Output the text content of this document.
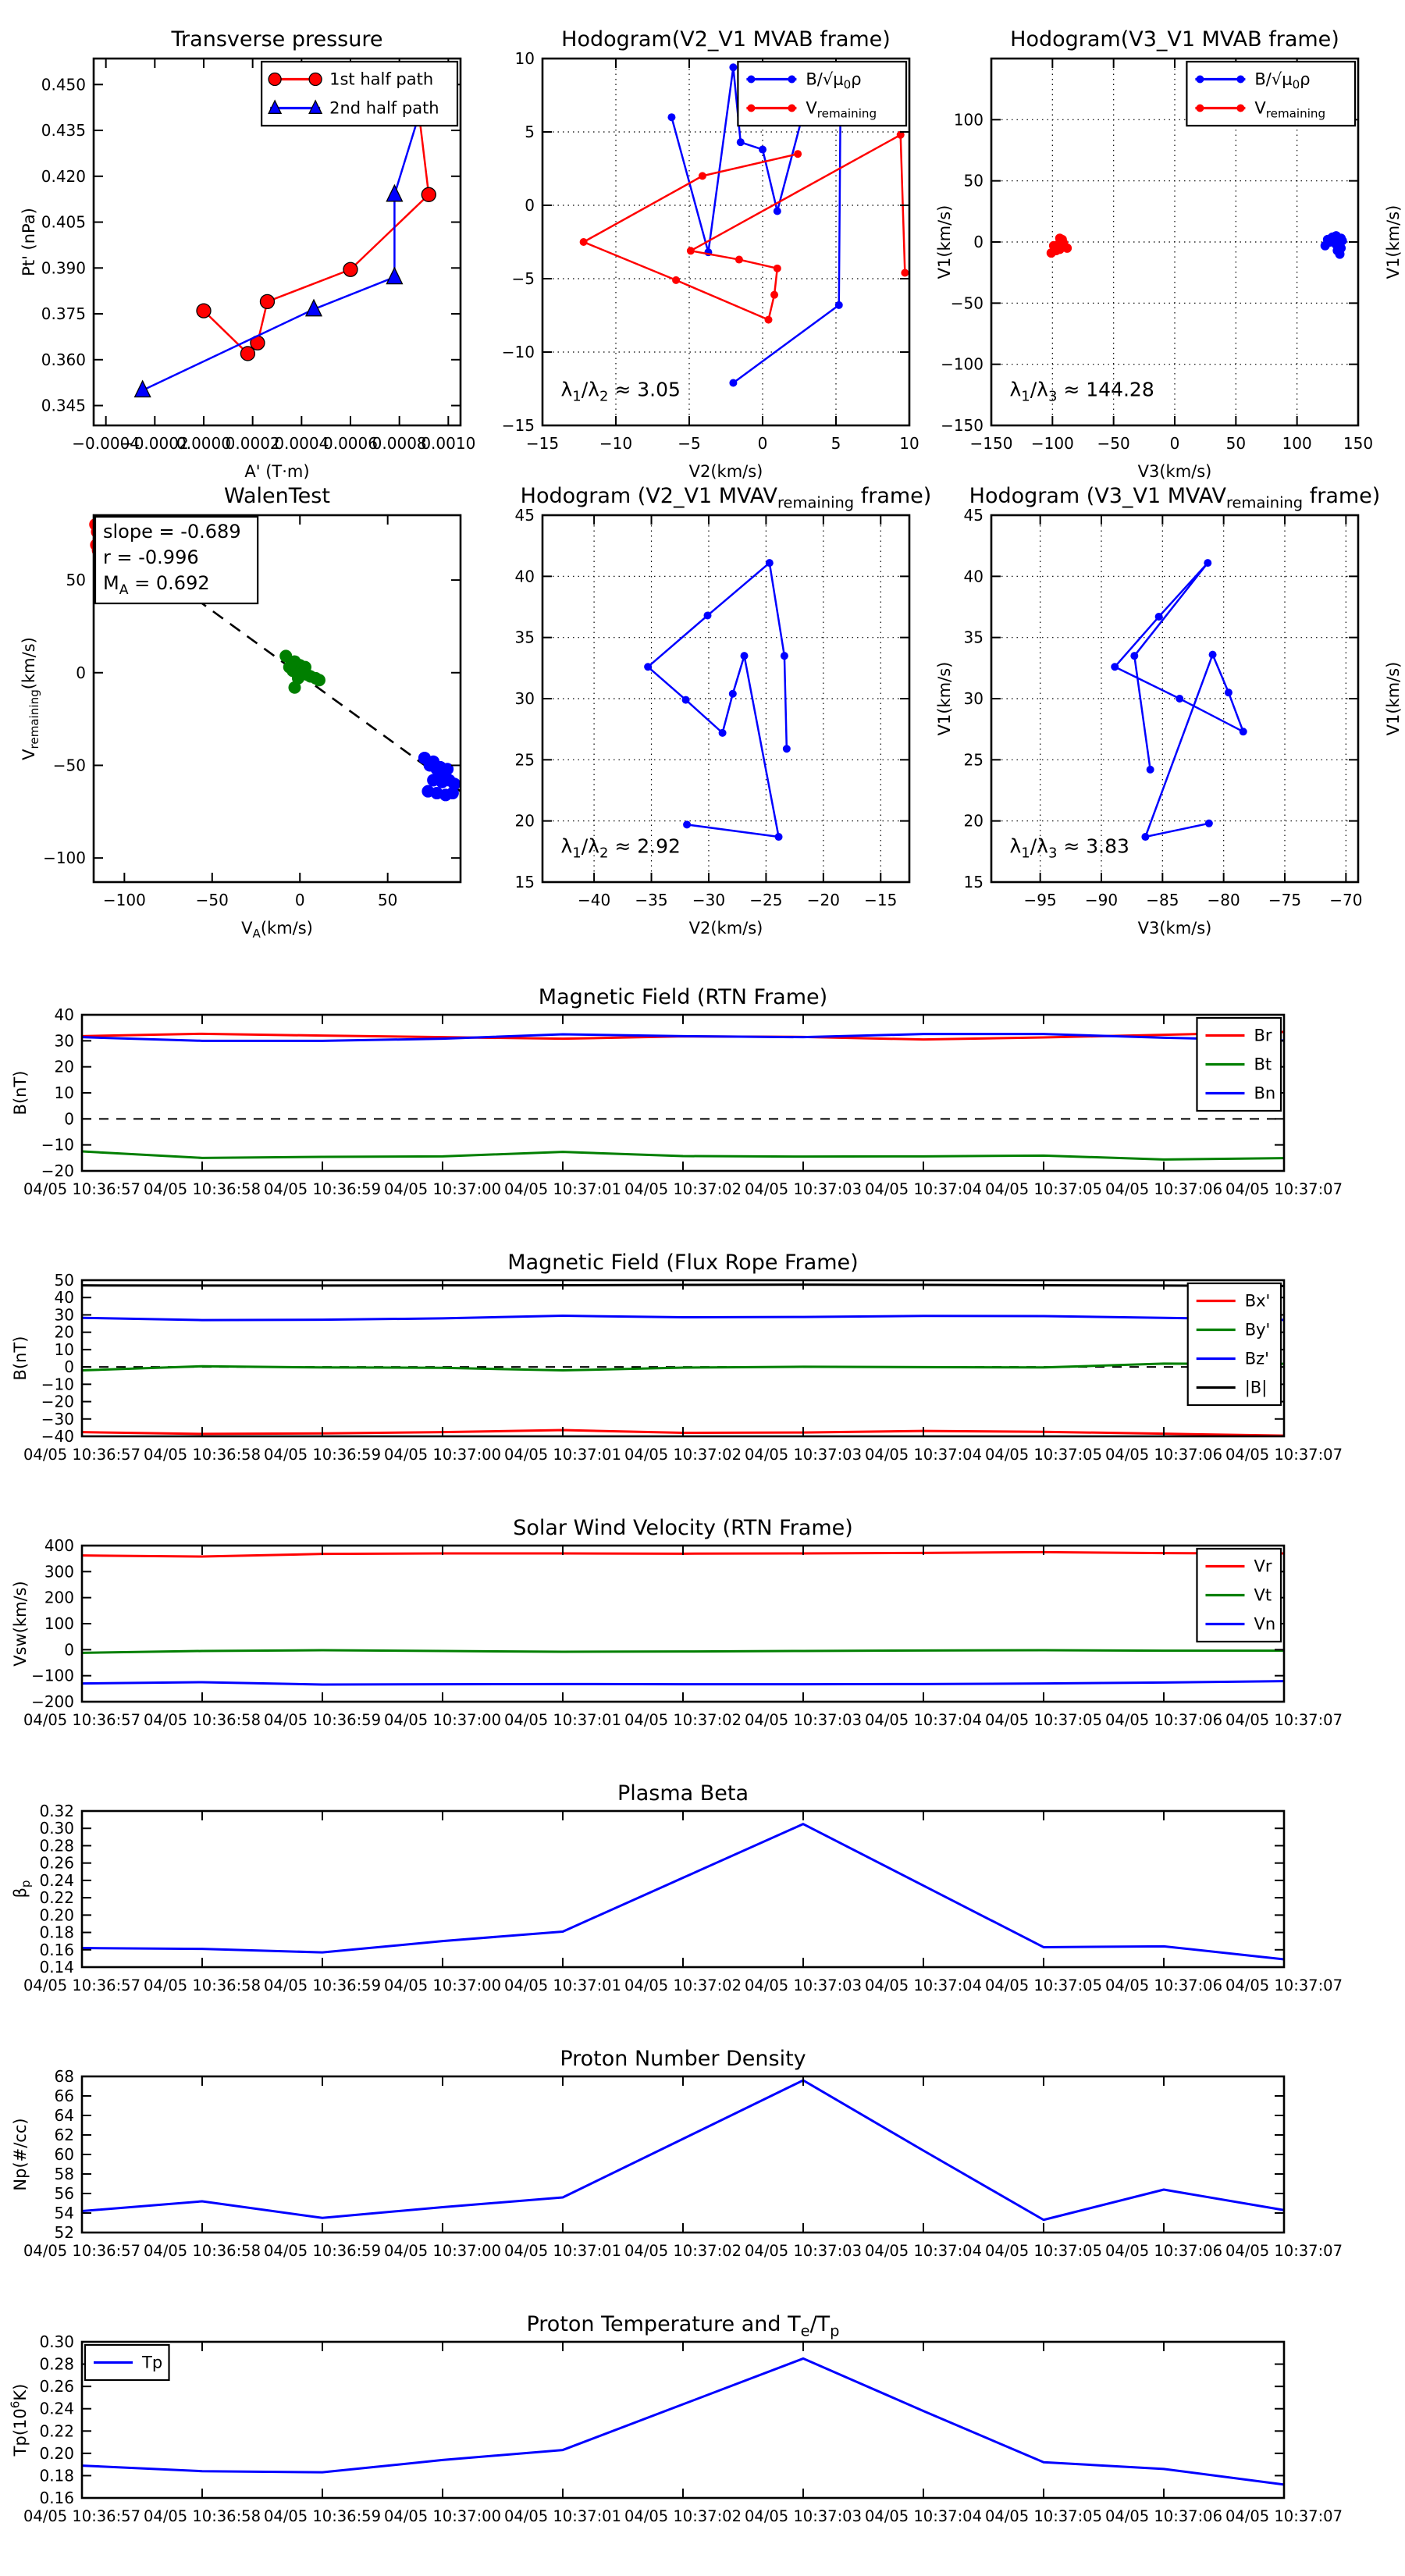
−0.0004
−0.0002
0.0000
0.0002
0.0004
0.0006
0.0008
0.0010
0.345
0.360
0.375
0.390
0.405
0.420
0.435
0.450
Transverse pressure
A' (T·m)
Pt' (nPa)
1st half path
2nd half path
−15	−10	−5	0	5	10
−15
−10
−5
0
5
10
Hodogram(V2_V1 MVAB frame)
V2(km/s)
V1(km/s)
$\lambda_1/\lambda_2 \approx 3.05$
$B/√\mu_0\rho$
$V_{remaining}$
−150 −100 −50	0	50 100 150
−150
−100
−50
0
50
100
Hodogram(V3_V1 MVAB frame)
V3(km/s)
V1(km/s)
$\lambda_1/\lambda_3 \approx 144.28$
$B/√\mu_0\rho$
$V_{remaining}$
−100	−50	0	50
−100
−50
0
50
WalenTest
$V_A(km/s)$
$V_{remaining}(km/s)$
slope = -0.689
r = -0.996
$M_A = 0.692$
−40 −35 −30 −25 −20 −15
15
20
25
30
35
40
45
Hodogram (V2_V1 $MVAV_{remaining}$ frame)
V2(km/s)
V1(km/s)
$\lambda_1/\lambda_2 \approx 2.92$
−95 −90 −85 −80 −75 −70
15
20
25
30
35
40
45
Hodogram (V3_V1 $MVAV_{remaining}$ frame)
V3(km/s)
V1(km/s)
$\lambda_1/\lambda_3 \approx 3.83$
04/05 10:36:57 04/05 10:36:58 04/05 10:36:59 04/05 10:37:00 04/05 10:37:01 04/05 10:37:02 04/05 10:37:03 04/05 10:37:04 04/05 10:37:05 04/05 10:37:06 04/05 10:37:07
−20
−10
0
10
20
30
40
Magnetic Field (RTN Frame)
B(nT)
Br
Bt
Bn
04/05 10:36:57 04/05 10:36:58 04/05 10:36:59 04/05 10:37:00 04/05 10:37:01 04/05 10:37:02 04/05 10:37:03 04/05 10:37:04 04/05 10:37:05 04/05 10:37:06 04/05 10:37:07
−40
−30
−20
−10
0
10
20
30
40
50
Magnetic Field (Flux Rope Frame)
B(nT)
Bx'
By'
Bz'
|B|
04/05 10:36:57 04/05 10:36:58 04/05 10:36:59 04/05 10:37:00 04/05 10:37:01 04/05 10:37:02 04/05 10:37:03 04/05 10:37:04 04/05 10:37:05 04/05 10:37:06 04/05 10:37:07
−200
−100
0
100
200
300
400
Solar Wind Velocity (RTN Frame)
Vsw(km/s)
Vr
Vt
Vn
04/05 10:36:57 04/05 10:36:58 04/05 10:36:59 04/05 10:37:00 04/05 10:37:01 04/05 10:37:02 04/05 10:37:03 04/05 10:37:04 04/05 10:37:05 04/05 10:37:06 04/05 10:37:07
0.14
0.16
0.18
0.20
0.22
0.24
0.26
0.28
0.30
0.32
Plasma Beta
$\beta_p$
04/05 10:36:57 04/05 10:36:58 04/05 10:36:59 04/05 10:37:00 04/05 10:37:01 04/05 10:37:02 04/05 10:37:03 04/05 10:37:04 04/05 10:37:05 04/05 10:37:06 04/05 10:37:07
52
54
56
58
60
62
64
66
68
Proton Number Density
Np(#/cc)
04/05 10:36:57 04/05 10:36:58 04/05 10:36:59 04/05 10:37:00 04/05 10:37:01 04/05 10:37:02 04/05 10:37:03 04/05 10:37:04 04/05 10:37:05 04/05 10:37:06 04/05 10:37:07
0.16
0.18
0.20
0.22
0.24
0.26
0.28
0.30
Proton Temperature and $T_e/T_p$
$Tp(10^6K)$
Tp
